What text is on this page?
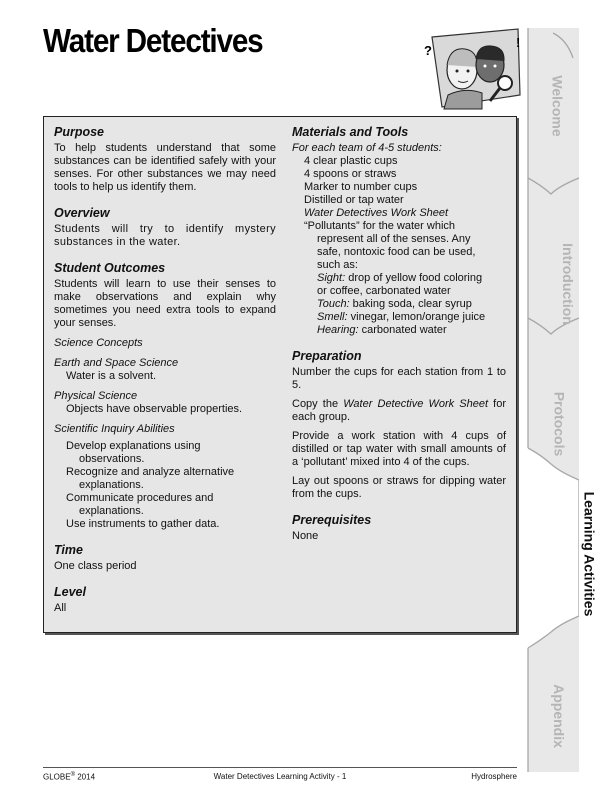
Water Detectives	?
!
Welcome
Introduction
Protocols
Learning Activities
Appendix
Purpose

To help students understand that some substances can be identified safely with your senses. For other substances we may need tools to help us identify them.

Overview

Students will try to identify mystery substances in the water.

Student Outcomes

Students will learn to use their senses to make observations and explain why sometimes you need extra tools to expand your senses.

Science Concepts

Earth and Space Science

Water is a solvent.

Physical Science

Objects have observable properties.

Scientific Inquiry Abilities

Develop explanations using

observations.

Recognize and analyze alternative

explanations.

Communicate procedures and

explanations.

Use instruments to gather data.

Time

One class period

Level

All

Materials and Tools

For each team of 4-5 students:

4 clear plastic cups

4 spoons or straws

Marker to number cups

Distilled or tap water

Water Detectives Work Sheet

“Pollutants” for the water which

represent all of the senses. Any

safe, nontoxic food can be used,

such as:

Sight: drop of yellow food coloring

or coffee, carbonated water

Touch: baking soda, clear syrup

Smell: vinegar, lemon/orange juice

Hearing: carbonated water

Preparation

Number the cups for each station from 1 to 5.

Copy the Water Detective Work Sheet for each group.

Provide a work station with 4 cups of distilled or tap water with small amounts of a ‘pollutant’ mixed into 4 of the cups.

Lay out spoons or straws for dipping water from the cups.

Prerequisites

None

GLOBE® 2014	Water Detectives Learning Activity - 1	Hydrosphere
